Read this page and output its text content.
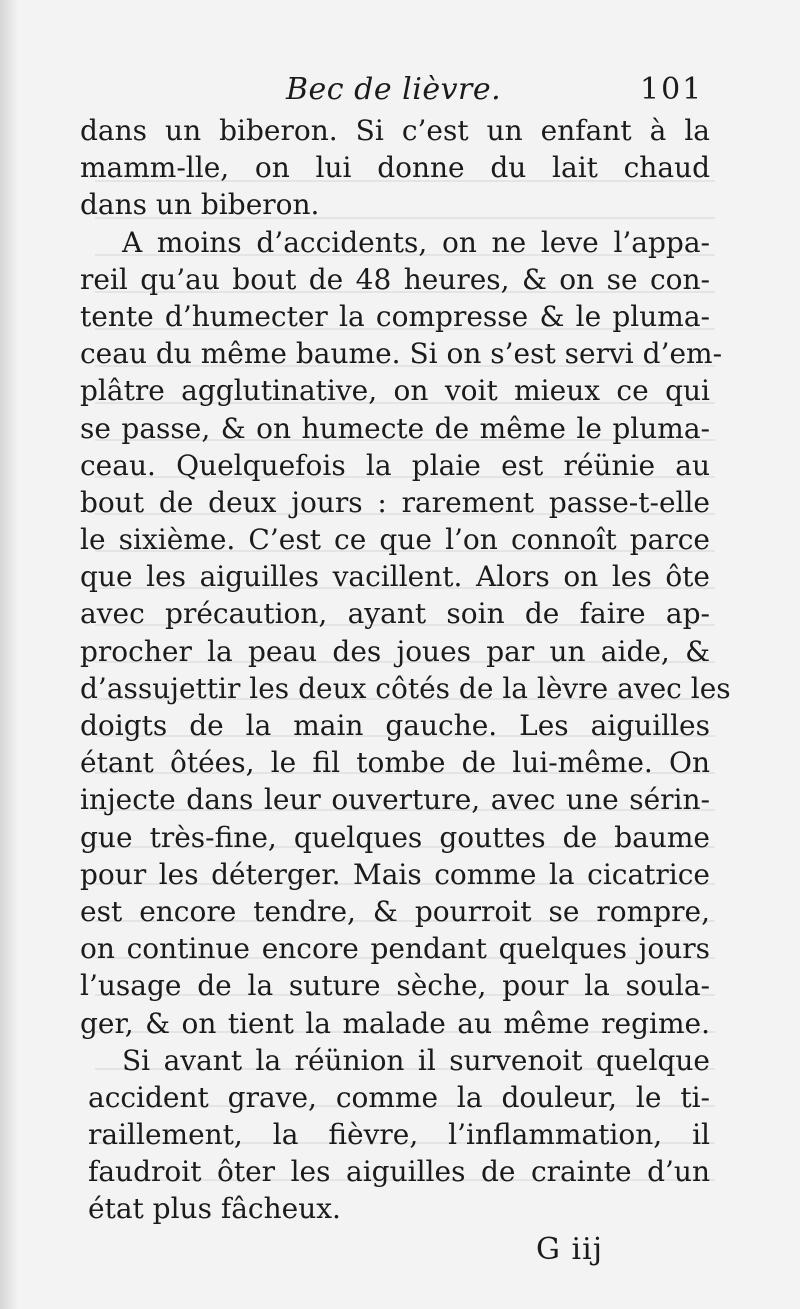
Bec de lièvre.	101
dans un biberon. Si c’est un enfant à la
mamm-lle, on lui donne du lait chaud
dans un biberon.
A moins d’accidents, on ne leve l’appa-
reil qu’au bout de 48 heures, & on se con-
tente d’humecter la compresse & le pluma-
ceau du même baume. Si on s’est servi d’em-
plâtre agglutinative, on voit mieux ce qui
se passe, & on humecte de même le pluma-
ceau. Quelquefois la plaie est réünie au
bout de deux jours : rarement passe-t-elle
le sixième. C’est ce que l’on connoît parce
que les aiguilles vacillent. Alors on les ôte
avec précaution, ayant soin de faire ap-
procher la peau des joues par un aide, &
d’assujettir les deux côtés de la lèvre avec les
doigts de la main gauche. Les aiguilles
étant ôtées, le fil tombe de lui-même. On
injecte dans leur ouverture, avec une sérin-
gue très-fine, quelques gouttes de baume
pour les déterger. Mais comme la cicatrice
est encore tendre, & pourroit se rompre,
on continue encore pendant quelques jours
l’usage de la suture sèche, pour la soula-
ger, & on tient la malade au même regime.
Si avant la réünion il survenoit quelque
accident grave, comme la douleur, le ti-
raillement, la fièvre, l’inflammation, il
faudroit ôter les aiguilles de crainte d’un
état plus fâcheux.
G iij
